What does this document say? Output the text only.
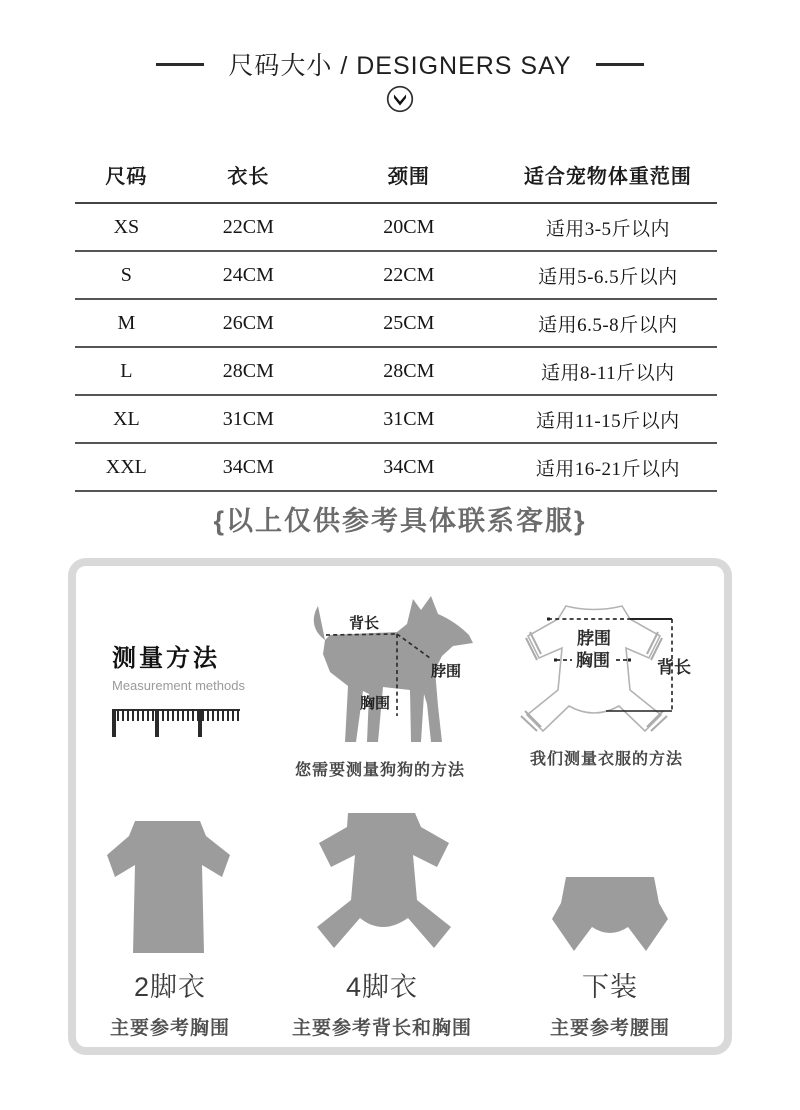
尺码大小 / DESIGNERS SAY
尺码	衣长	颈围	适合宠物体重范围
XS	22CM	20CM	适用3-5斤以内
S	24CM	22CM	适用5-6.5斤以内
M	26CM	25CM	适用6.5-8斤以内
L	28CM	28CM	适用8-11斤以内
XL	31CM	31CM	适用11-15斤以内
XXL	34CM	34CM	适用16-21斤以内
{以上仅供参考具体联系客服}
测量方法
Measurement methods
背长
脖围
胸围
您需要测量狗狗的方法
脖围
胸围	背长
我们测量衣服的方法
2脚衣
主要参考胸围
4脚衣
主要参考背长和胸围
下装
主要参考腰围
